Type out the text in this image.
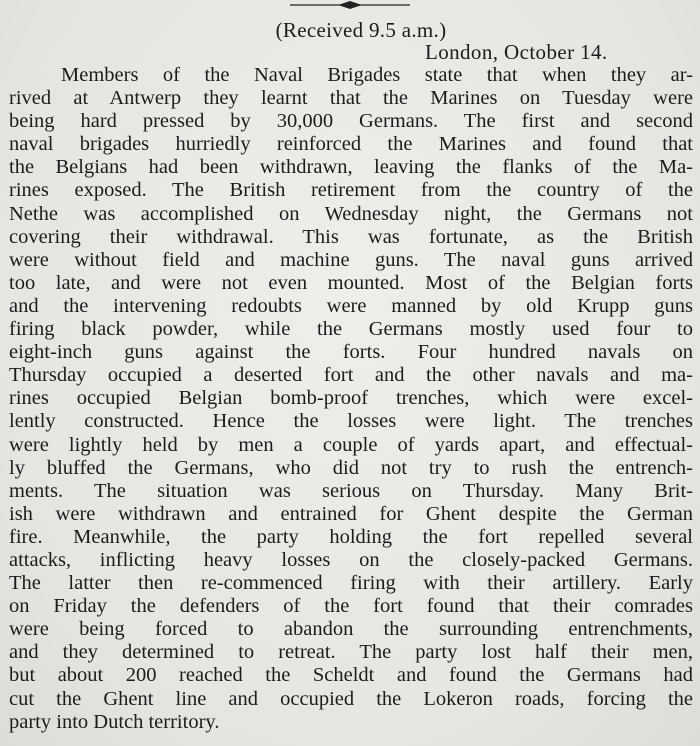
(Received 9.5 a.m.)

London, October 14.

Members of the Naval Brigades state that when they ar-
rived at Antwerp they learnt that the Marines on Tuesday were
being hard pressed by 30,000 Germans. The first and second
naval brigades hurriedly reinforced the Marines and found that
the Belgians had been withdrawn, leaving the flanks of the Ma-
rines exposed. The British retirement from the country of the
Nethe was accomplished on Wednesday night, the Germans not
covering their withdrawal. This was fortunate, as the British
were without field and machine guns. The naval guns arrived
too late, and were not even mounted. Most of the Belgian forts
and the intervening redoubts were manned by old Krupp guns
firing black powder, while the Germans mostly used four to
eight-inch guns against the forts. Four hundred navals on
Thursday occupied a deserted fort and the other navals and ma-
rines occupied Belgian bomb-proof trenches, which were excel-
lently constructed. Hence the losses were light. The trenches
were lightly held by men a couple of yards apart, and effectual-
ly bluffed the Germans, who did not try to rush the entrench-
ments. The situation was serious on Thursday. Many Brit-
ish were withdrawn and entrained for Ghent despite the German
fire. Meanwhile, the party holding the fort repelled several
attacks, inflicting heavy losses on the closely-packed Germans.
The latter then re-commenced firing with their artillery. Early
on Friday the defenders of the fort found that their comrades
were being forced to abandon the surrounding entrenchments,
and they determined to retreat. The party lost half their men,
but about 200 reached the Scheldt and found the Germans had
cut the Ghent line and occupied the Lokeron roads, forcing the
party into Dutch territory.
